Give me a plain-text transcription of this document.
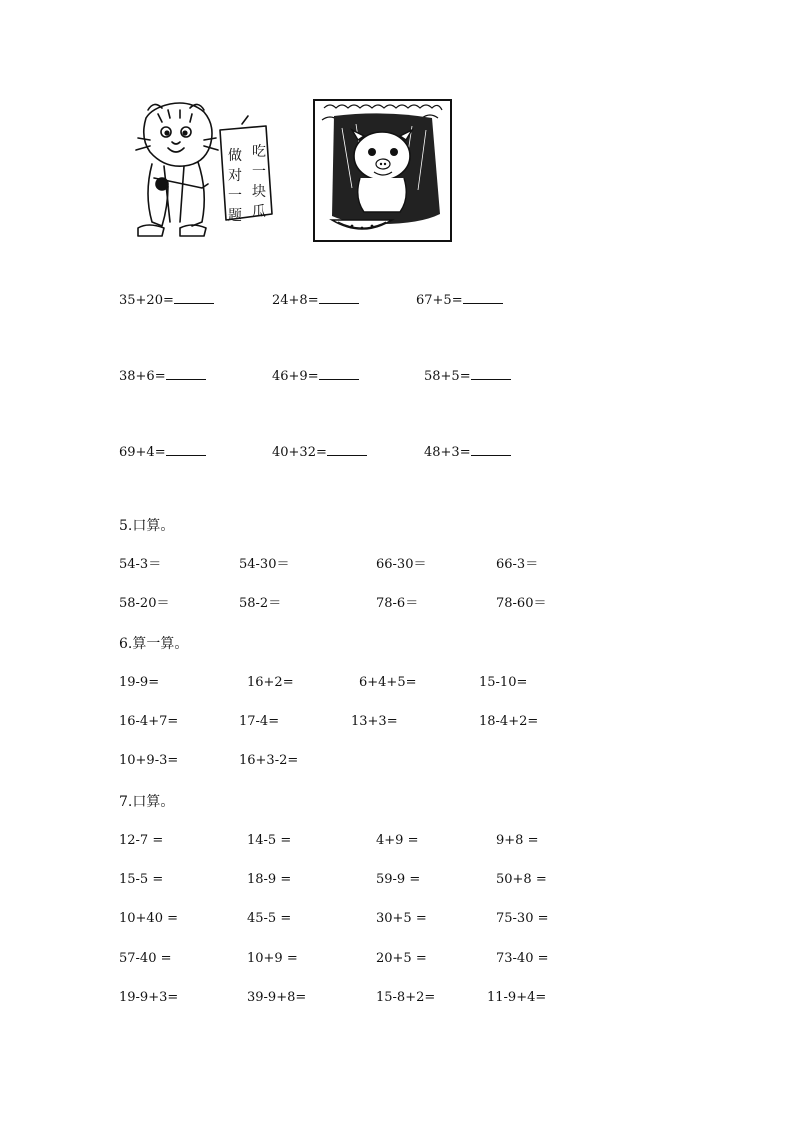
吃
一
块
瓜
做
对
一
题
35+20=	24+8=	67+5=
38+6=	46+9=	58+5=
69+4=	40+32=	48+3=
5.口算。
54-3＝	54-30＝	66-30＝	66-3＝
58-20＝	58-2＝	78-6＝	78-60＝
6.算一算。
19-9=	16+2=	6+4+5=	15-10=
16-4+7=	17-4=	13+3=	18-4+2=
10+9-3=	16+3-2=
7.口算。
12-7 =	14-5 =	4+9 =	9+8 =
15-5 =	18-9 =	59-9 =	50+8 =
10+40 =	45-5 =	30+5 =	75-30 =
57-40 =	10+9 =	20+5 =	73-40 =
19-9+3=	39-9+8=	15-8+2=	11-9+4=
